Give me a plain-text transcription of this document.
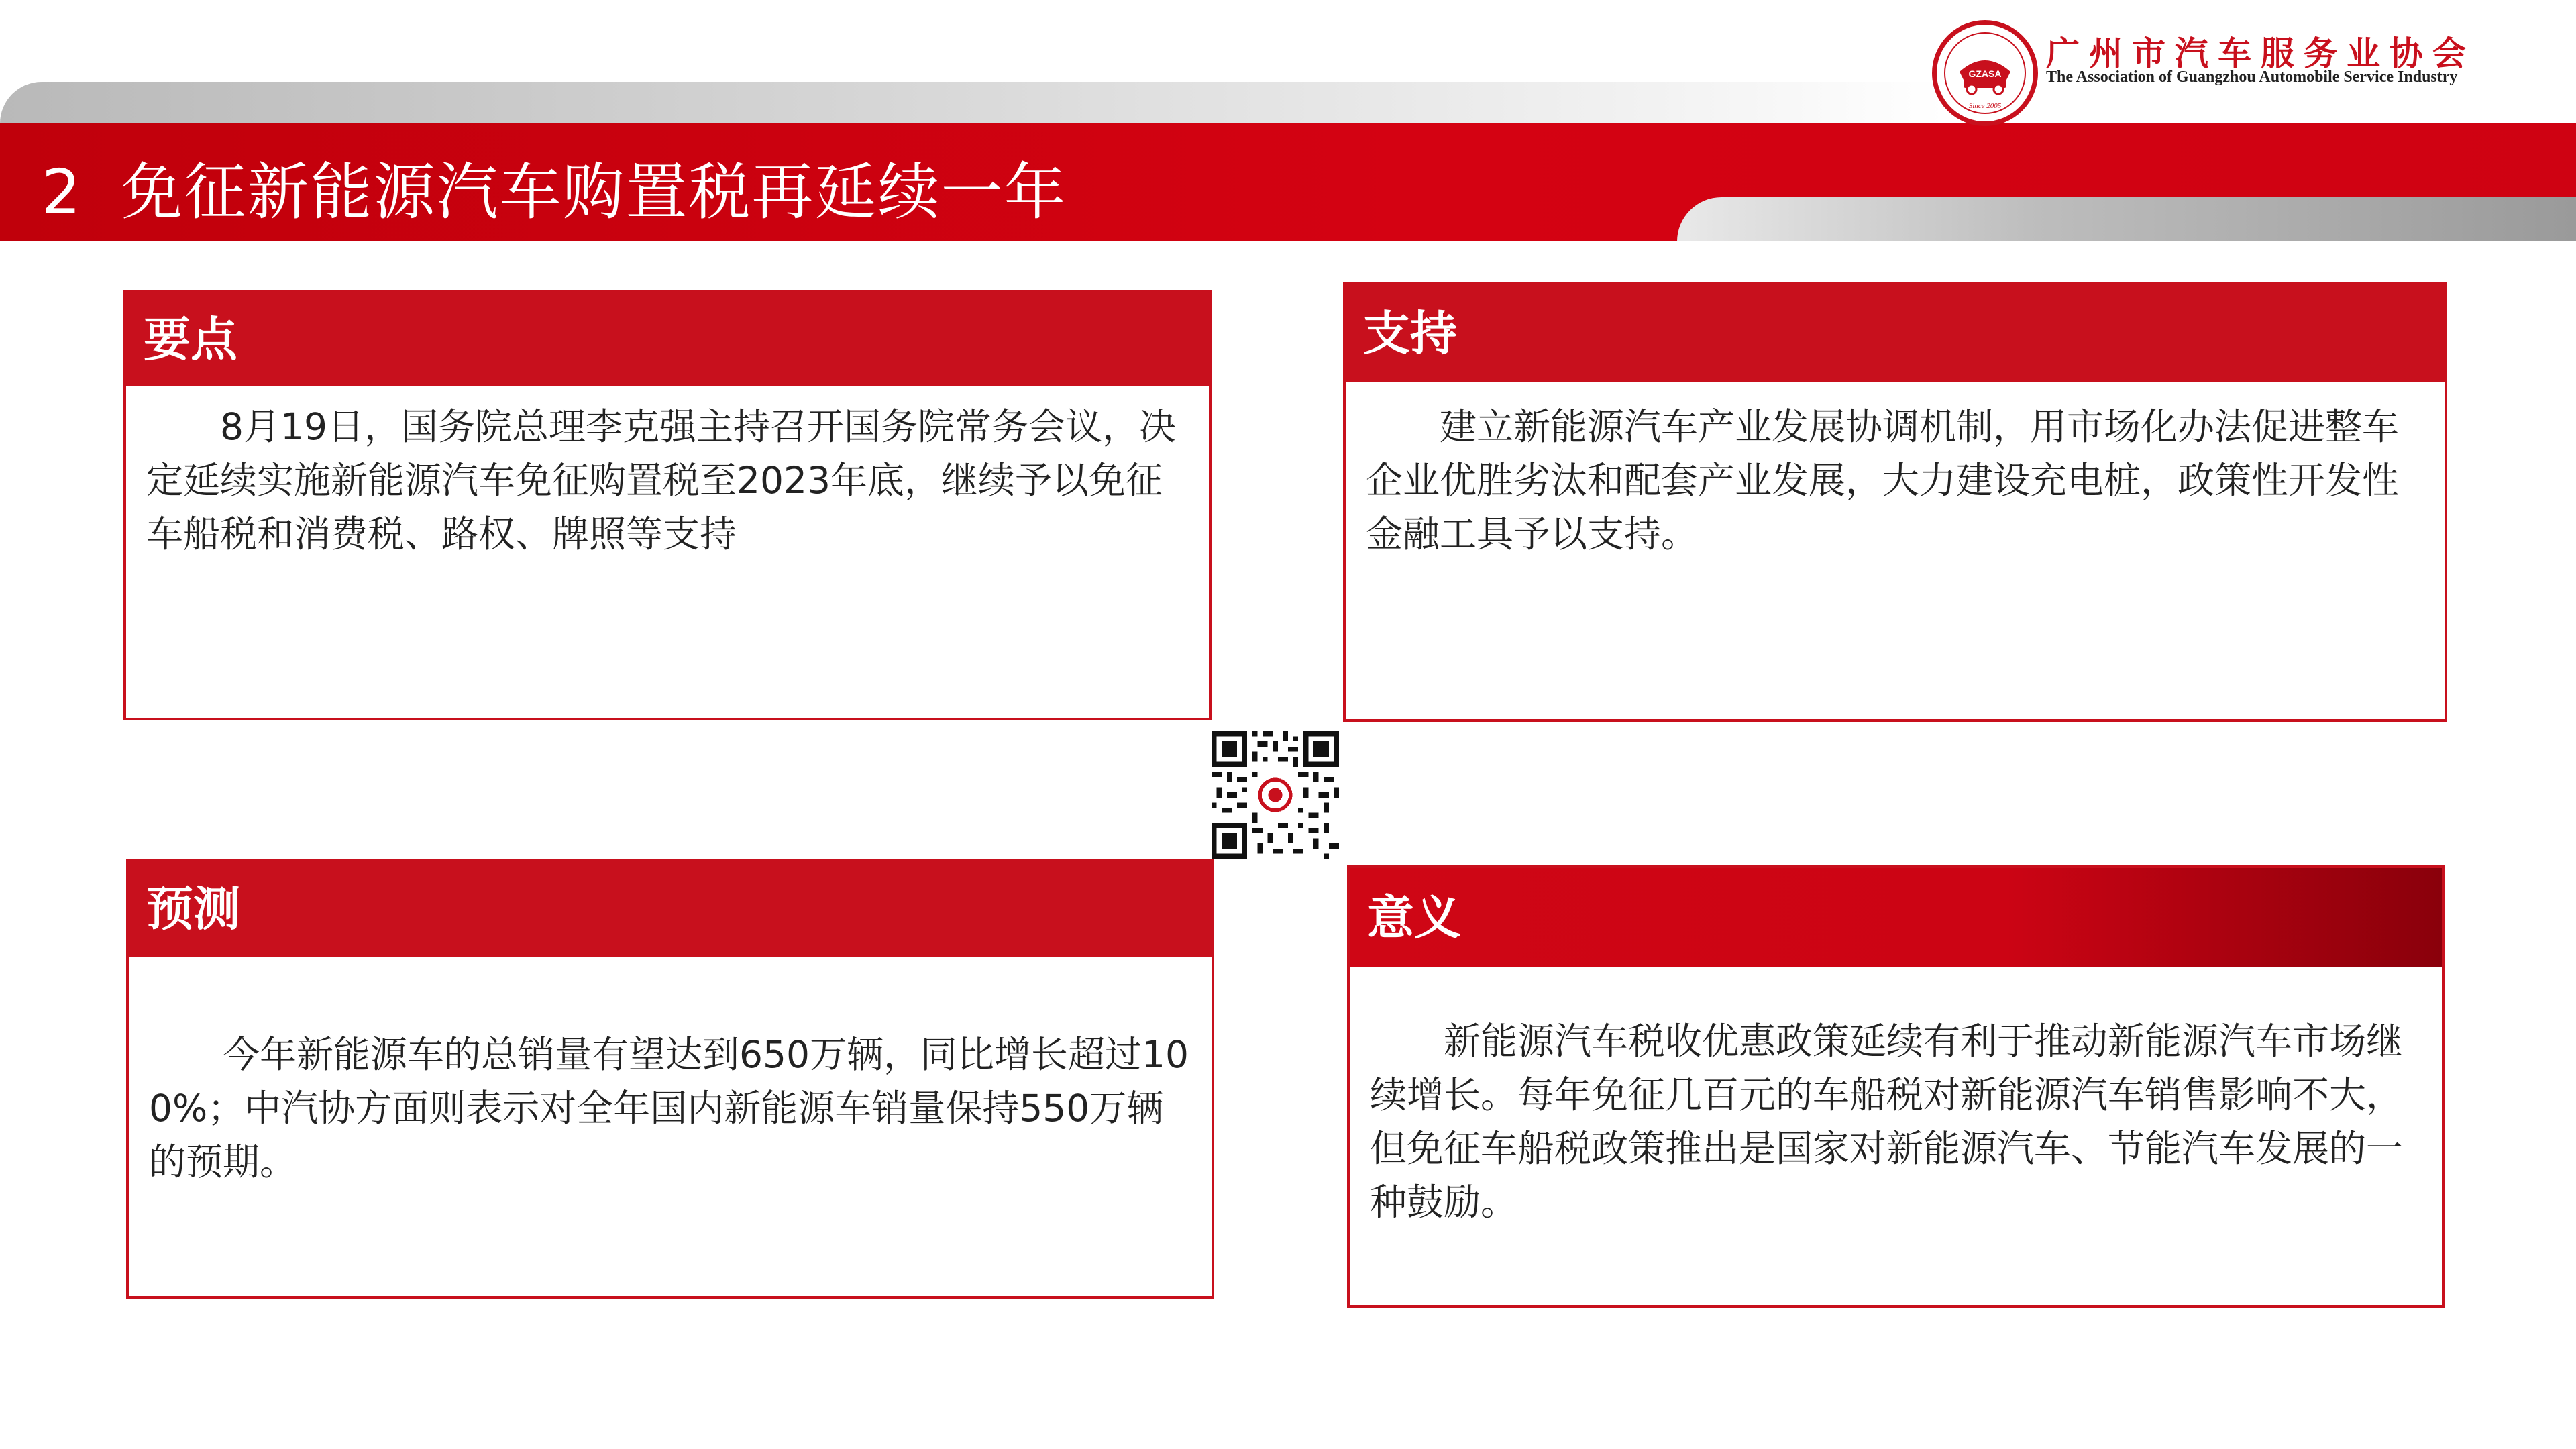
2 免征新能源汽车购置税再延续一年
GZASA
Since 2005
广州市汽车服务业协会
The Association of Guangzhou Automobile Service Industry
要点
8月19日，国务院总理李克强主持召开国务院常务会议，决定延续实施新能源汽车免征购置税至2023年底，继续予以免征车船税和消费税、路权、牌照等支持
支持
建立新能源汽车产业发展协调机制，用市场化办法促进整车企业优胜劣汰和配套产业发展，大力建设充电桩，政策性开发性金融工具予以支持。
预测
今年新能源车的总销量有望达到650万辆，同比增长超过100%；中汽协方面则表示对全年国内新能源车销量保持550万辆的预期。
意义
新能源汽车税收优惠政策延续有利于推动新能源汽车市场继续增长。每年免征几百元的车船税对新能源汽车销售影响不大，但免征车船税政策推出是国家对新能源汽车、节能汽车发展的一种鼓励。
